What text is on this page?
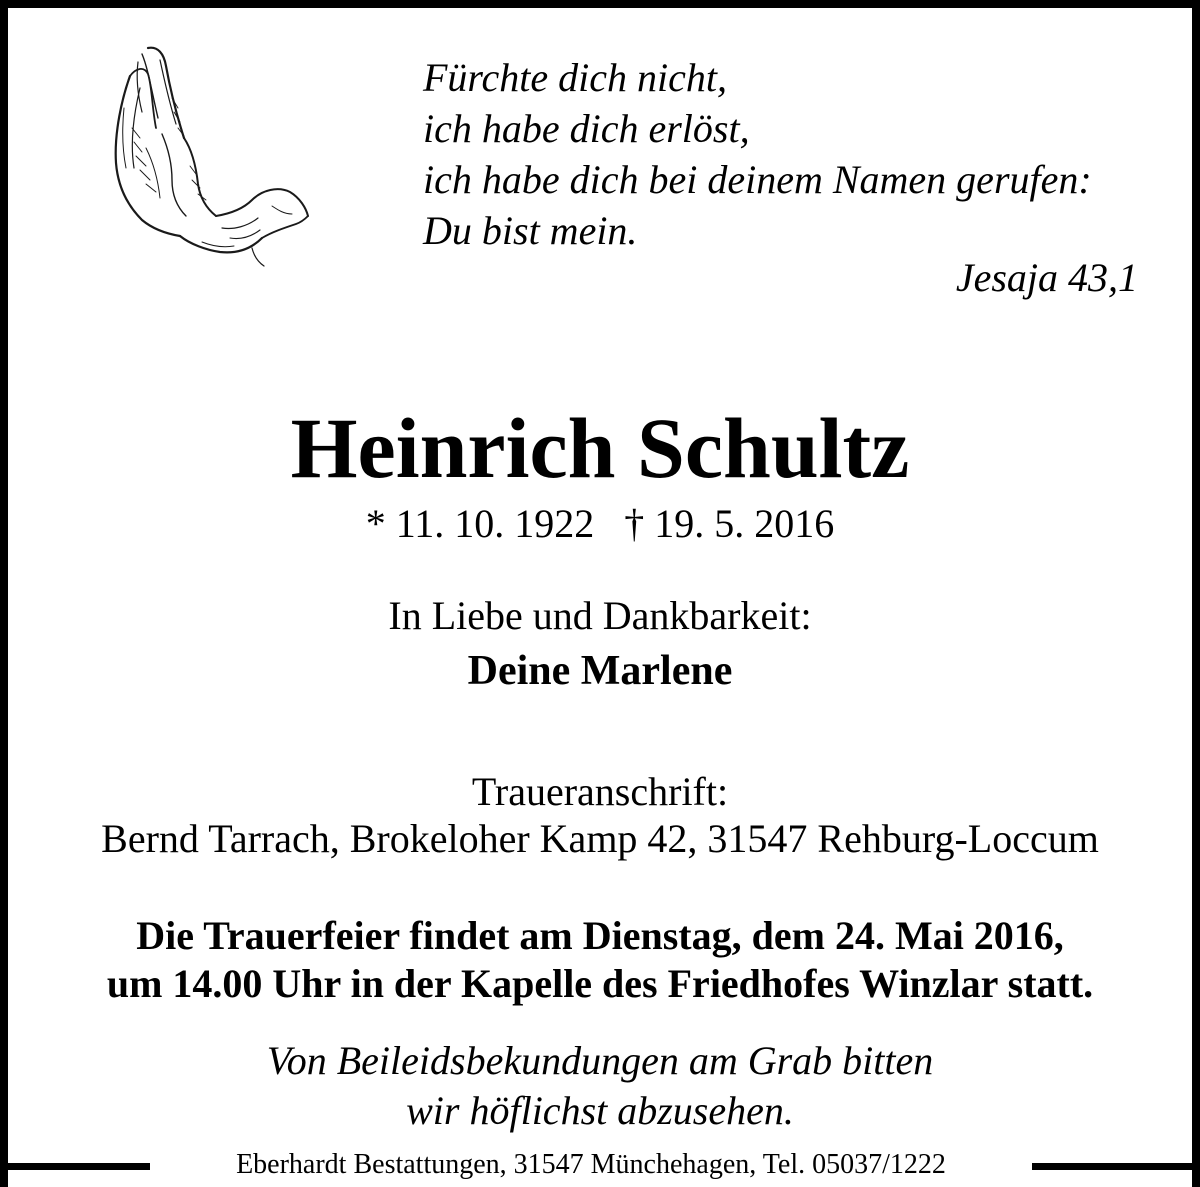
Fürchte dich nicht,
ich habe dich erlöst,
ich habe dich bei deinem Namen gerufen:
Du bist mein.
Jesaja 43,1
Heinrich Schultz
* 11. 10. 1922 † 19. 5. 2016
In Liebe und Dankbarkeit:
Deine Marlene
Traueranschrift:
Bernd Tarrach, Brokeloher Kamp 42, 31547 Rehburg-Loccum
Die Trauerfeier findet am Dienstag, dem 24. Mai 2016,
um 14.00 Uhr in der Kapelle des Friedhofes Winzlar statt.
Von Beileidsbekundungen am Grab bitten
wir höflichst abzusehen.
Eberhardt Bestattungen, 31547 Münchehagen, Tel. 05037/1222
